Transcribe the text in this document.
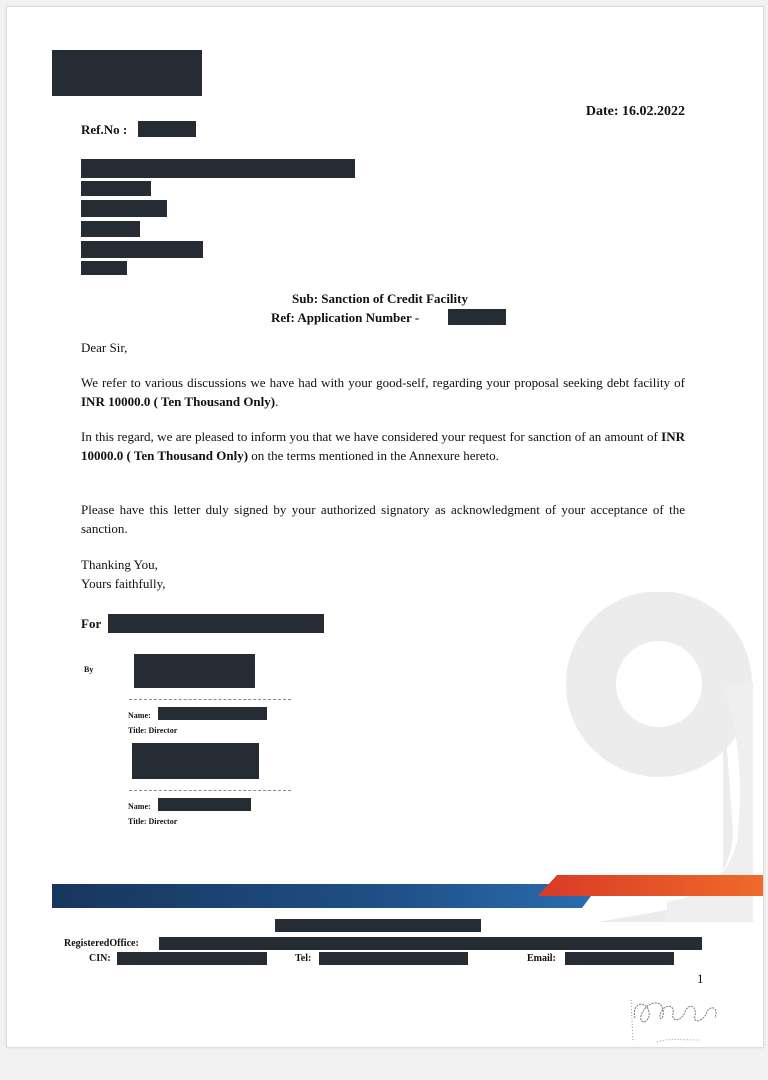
Date: 16.02.2022
Ref.No :
Sub: Sanction of Credit Facility
Ref: Application Number -
Dear Sir,

We refer to various discussions we have had with your good-self, regarding your proposal seeking debt facility of INR 10000.0 ( Ten Thousand Only).

In this regard, we are pleased to inform you that we have considered your request for sanction of an amount of INR 10000.0 ( Ten Thousand Only) on the terms mentioned in the Annexure hereto.

Please have this letter duly signed by your authorized signatory as acknowledgment of your acceptance of the sanction.

Thanking You,
Yours faithfully,
For
By
Name:
Title: Director
Name:
Title: Director
RegisteredOffice:
CIN:	Tel:	Email:
1
